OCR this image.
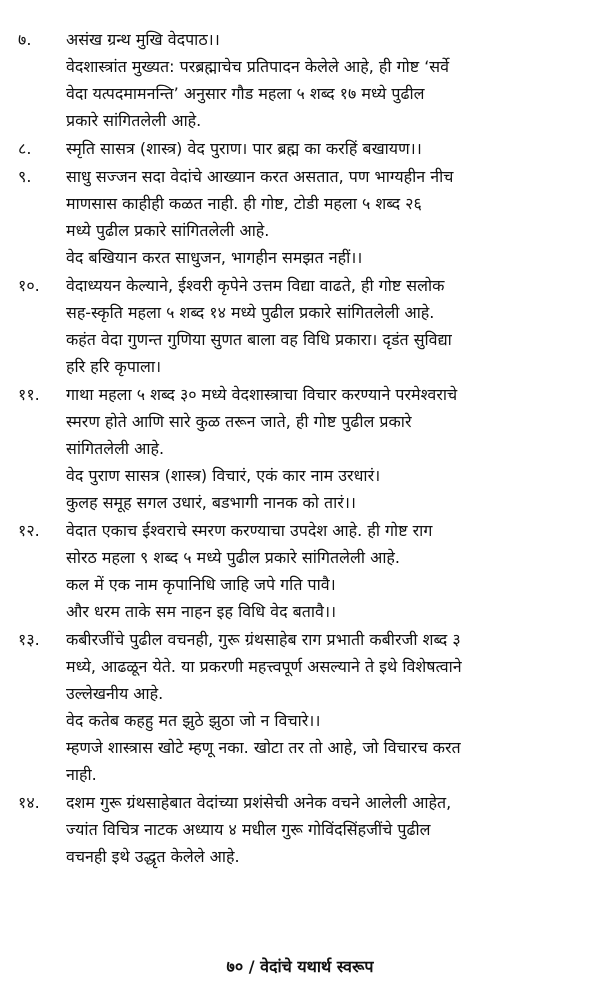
७.	असंख ग्रन्थ मुखि वेदपाठ।।
वेदशास्त्रांत मुख्यत: परब्रह्माचेच प्रतिपादन केलेले आहे, ही गोष्ट ‘सर्वे
वेदा यत्पदमामनन्ति’ अनुसार गौड महला ५ शब्द १७ मध्ये पुढील
प्रकारे सांगितलेली आहे.
८.	स्मृति सासत्र (शास्त्र) वेद पुराण। पार ब्रह्म का करहिं बखायण।।
९.	साधु सज्जन सदा वेदांचे आख्यान करत असतात, पण भाग्यहीन नीच
माणसास काहीही कळत नाही. ही गोष्ट, टोडी महला ५ शब्द २६
मध्ये पुढील प्रकारे सांगितलेली आहे.
वेद बखियान करत साधुजन, भागहीन समझत नहीं।।
१०.	वेदाध्ययन केल्याने, ईश्वरी कृपेने उत्तम विद्या वाढते, ही गोष्ट सलोक
सह-स्कृति महला ५ शब्द १४ मध्ये पुढील प्रकारे सांगितलेली आहे.
कहंत वेदा गुणन्त गुणिया सुणत बाला वह विधि प्रकारा। दृडंत सुविद्या
हरि हरि कृपाला।
११.	गाथा महला ५ शब्द ३० मध्ये वेदशास्त्राचा विचार करण्याने परमेश्वराचे
स्मरण होते आणि सारे कुळ तरून जाते, ही गोष्ट पुढील प्रकारे
सांगितलेली आहे.
वेद पुराण सासत्र (शास्त्र) विचारं, एकं कार नाम उरधारं।
कुलह समूह सगल उधारं, बडभागी नानक को तारं।।
१२.	वेदात एकाच ईश्वराचे स्मरण करण्याचा उपदेश आहे. ही गोष्ट राग
सोरठ महला ९ शब्द ५ मध्ये पुढील प्रकारे सांगितलेली आहे.
कल में एक नाम कृपानिधि जाहि जपे गति पावै।
और धरम ताके सम नाहन इह विधि वेद बतावै।।
१३.	कबीरजींचे पुढील वचनही, गुरू ग्रंथसाहेब राग प्रभाती कबीरजी शब्द ३
मध्ये, आढळून येते. या प्रकरणी महत्त्वपूर्ण असल्याने ते इथे विशेषत्वाने
उल्लेखनीय आहे.
वेद कतेब कहहु मत झुठे झुठा जो न विचारे।।
म्हणजे शास्त्रास खोटे म्हणू नका. खोटा तर तो आहे, जो विचारच करत
नाही.
१४.	दशम गुरू ग्रंथसाहेबात वेदांच्या प्रशंसेची अनेक वचने आलेली आहेत,
ज्यांत विचित्र नाटक अध्याय ४ मधील गुरू गोविंदसिंहजींचे पुढील
वचनही इथे उद्धृत केलेले आहे.
७० / वेदांचे यथार्थ स्वरूप
